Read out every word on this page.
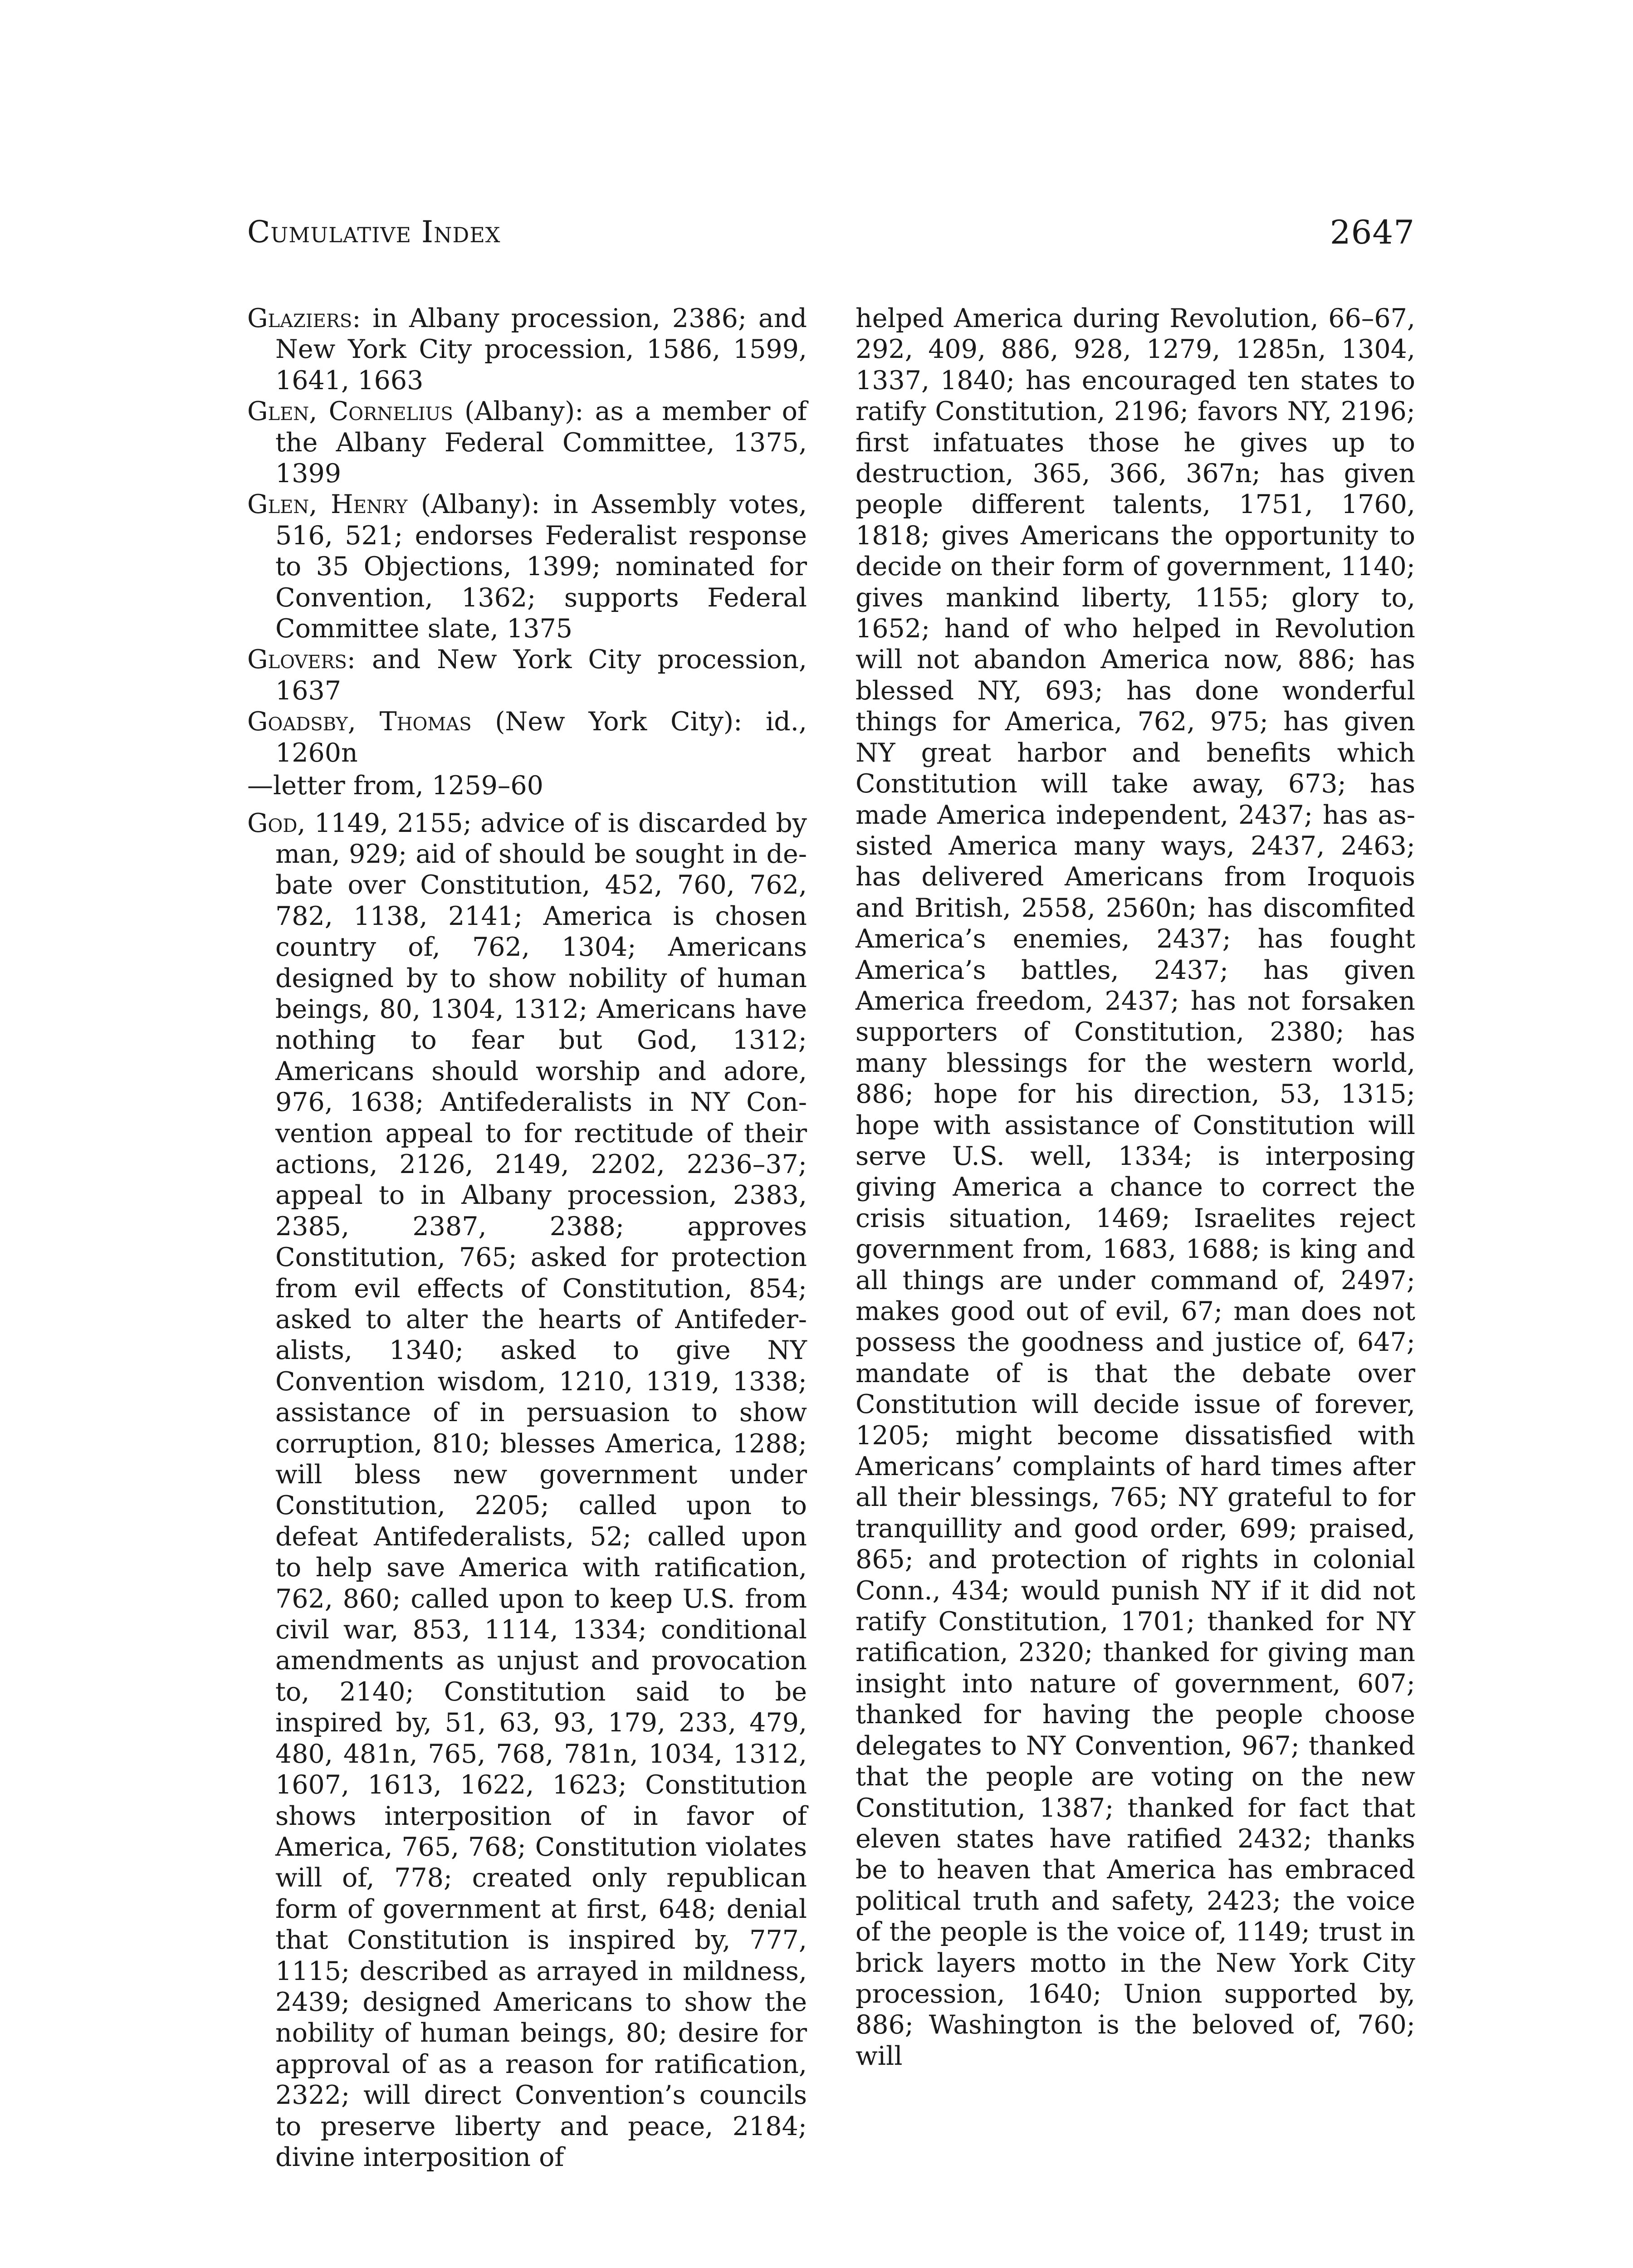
Cumulative Index	2647

Glaziers: in Albany procession, 2386; and New York City procession, 1586, 1599, 1641, 1663

Glen, Cornelius (Albany): as a member of the Albany Federal Committee, 1375, 1399

Glen, Henry (Albany): in Assembly votes, 516, 521; endorses Federalist response to 35 Objections, 1399; nominated for Convention, 1362; supports Federal Committee slate, 1375

Glovers: and New York City procession, 1637

Goadsby, Thomas (New York City): id., 1260n

—letter from, 1259–60

God, 1149, 2155; advice of is discarded by man, 929; aid of should be sought in debate over Constitution, 452, 760, 762, 782, 1138, 2141; America is chosen country of, 762, 1304; Americans designed by to show nobility of human beings, 80, 1304, 1312; Americans have nothing to fear but God, 1312; Americans should worship and adore, 976, 1638; Antifederalists in NY Convention appeal to for rectitude of their actions, 2126, 2149, 2202, 2236–37; appeal to in Albany procession, 2383, 2385, 2387, 2388; approves Constitution, 765; asked for protection from evil effects of Constitution, 854; asked to alter the hearts of Antifederalists, 1340; asked to give NY Convention wisdom, 1210, 1319, 1338; assistance of in persuasion to show corruption, 810; blesses America, 1288; will bless new government under Constitution, 2205; called upon to defeat Antifederalists, 52; called upon to help save America with ratification, 762, 860; called upon to keep U.S. from civil war, 853, 1114, 1334; conditional amendments as unjust and provocation to, 2140; Constitution said to be inspired by, 51, 63, 93, 179, 233, 479, 480, 481n, 765, 768, 781n, 1034, 1312, 1607, 1613, 1622, 1623; Constitution shows interposition of in favor of America, 765, 768; Constitution violates will of, 778; created only republican form of government at first, 648; denial that Constitution is inspired by, 777, 1115; described as arrayed in mildness, 2439; designed Americans to show the nobility of human beings, 80; desire for approval of as a reason for ratification, 2322; will direct Convention’s councils to preserve liberty and peace, 2184; divine interposition of

helped America during Revolution, 66–67, 292, 409, 886, 928, 1279, 1285n, 1304, 1337, 1840; has encouraged ten states to ratify Constitution, 2196; favors NY, 2196; first infatuates those he gives up to destruction, 365, 366, 367n; has given people different talents, 1751, 1760, 1818; gives Americans the opportunity to decide on their form of government, 1140; gives mankind liberty, 1155; glory to, 1652; hand of who helped in Revolution will not abandon America now, 886; has blessed NY, 693; has done wonderful things for America, 762, 975; has given NY great harbor and benefits which Constitution will take away, 673; has made America independent, 2437; has assisted America many ways, 2437, 2463; has delivered Americans from Iroquois and British, 2558, 2560n; has discomfited America’s enemies, 2437; has fought America’s battles, 2437; has given America freedom, 2437; has not forsaken supporters of Constitution, 2380; has many blessings for the western world, 886; hope for his direction, 53, 1315; hope with assistance of Constitution will serve U.S. well, 1334; is interposing giving America a chance to correct the crisis situation, 1469; Israelites reject government from, 1683, 1688; is king and all things are under command of, 2497; makes good out of evil, 67; man does not possess the goodness and justice of, 647; mandate of is that the debate over Constitution will decide issue of forever, 1205; might become dissatisfied with Americans’ complaints of hard times after all their blessings, 765; NY grateful to for tranquillity and good order, 699; praised, 865; and protection of rights in colonial Conn., 434; would punish NY if it did not ratify Constitution, 1701; thanked for NY ratification, 2320; thanked for giving man insight into nature of government, 607; thanked for having the people choose delegates to NY Convention, 967; thanked that the people are voting on the new Constitution, 1387; thanked for fact that eleven states have ratified 2432; thanks be to heaven that America has embraced political truth and safety, 2423; the voice of the people is the voice of, 1149; trust in brick layers motto in the New York City procession, 1640; Union supported by, 886; Washington is the beloved of, 760; will
